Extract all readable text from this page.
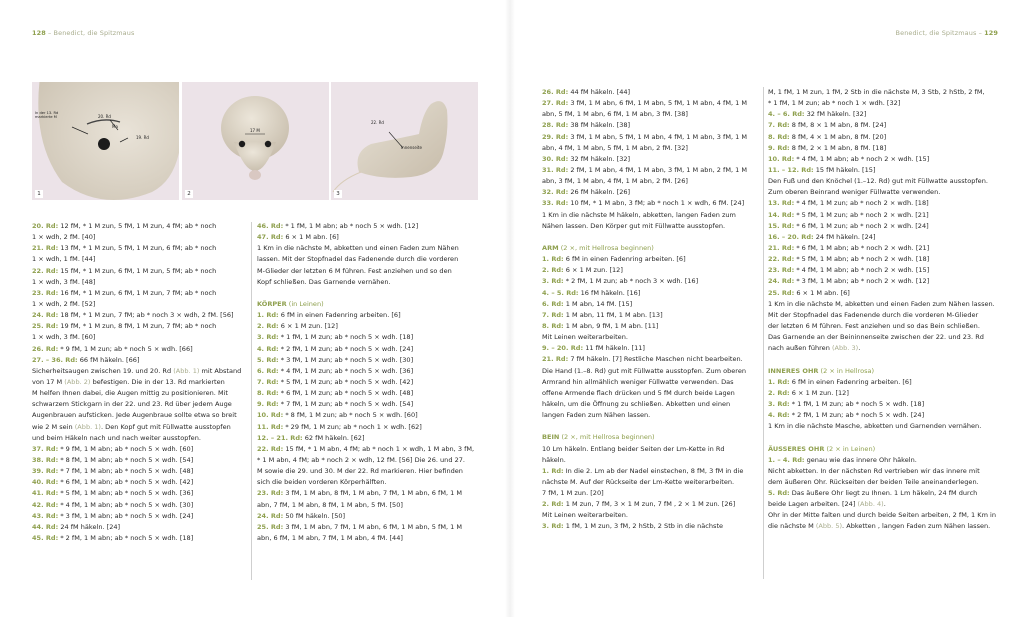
128 – Benedict, die Spitzmaus	Benedict, die Spitzmaus – 129
In der 13. Rd markierte M	20. Rd
Ma
19. Rd
1
17 M
2
22. Rd
Innenseite
3
20. Rd: 12 fM, * 1 M zun, 5 fM, 1 M zun, 4 fM; ab * noch
1 × wdh, 2 fM. [40]
21. Rd: 13 fM, * 1 M zun, 5 fM, 1 M zun, 6 fM; ab * noch
1 × wdh, 1 fM. [44]
22. Rd: 15 fM, * 1 M zun, 6 fM, 1 M zun, 5 fM; ab * noch
1 × wdh, 3 fM. [48]
23. Rd: 16 fM, * 1 M zun, 6 fM, 1 M zun, 7 fM; ab * noch
1 × wdh, 2 fM. [52]
24. Rd: 18 fM, * 1 M zun, 7 fM; ab * noch 3 × wdh, 2 fM. [56]
25. Rd: 19 fM, * 1 M zun, 8 fM, 1 M zun, 7 fM; ab * noch
1 × wdh, 3 fM. [60]
26. Rd: * 9 fM, 1 M zun; ab * noch 5 × wdh. [66]
27. – 36. Rd: 66 fM häkeln. [66]
Sicherheitsaugen zwischen 19. und 20. Rd (Abb. 1) mit Abstand
von 17 M (Abb. 2) befestigen. Die in der 13. Rd markierten
M helfen Ihnen dabei, die Augen mittig zu positionieren. Mit
schwarzem Stickgarn in der 22. und 23. Rd über jedem Auge
Augenbrauen aufsticken. Jede Augenbraue sollte etwa so breit
wie 2 M sein (Abb. 1). Den Kopf gut mit Füllwatte ausstopfen
und beim Häkeln nach und nach weiter ausstopfen.
37. Rd: * 9 fM, 1 M abn; ab * noch 5 × wdh. [60]
38. Rd: * 8 fM, 1 M abn; ab * noch 5 × wdh. [54]
39. Rd: * 7 fM, 1 M abn; ab * noch 5 × wdh. [48]
40. Rd: * 6 fM, 1 M abn; ab * noch 5 × wdh. [42]
41. Rd: * 5 fM, 1 M abn; ab * noch 5 × wdh. [36]
42. Rd: * 4 fM, 1 M abn; ab * noch 5 × wdh. [30]
43. Rd: * 3 fM, 1 M abn; ab * noch 5 × wdh. [24]
44. Rd: 24 fM häkeln. [24]
45. Rd: * 2 fM, 1 M abn; ab * noch 5 × wdh. [18]
46. Rd: * 1 fM, 1 M abn; ab * noch 5 × wdh. [12]
47. Rd: 6 × 1 M abn. [6]
1 Km in die nächste M, abketten und einen Faden zum Nähen
lassen. Mit der Stopfnadel das Fadenende durch die vorderen
M-Glieder der letzten 6 M führen. Fest anziehen und so den
Kopf schließen. Das Garnende vernähen.
KÖRPER (in Leinen)
1. Rd: 6 fM in einen Fadenring arbeiten. [6]
2. Rd: 6 × 1 M zun. [12]
3. Rd: * 1 fM, 1 M zun; ab * noch 5 × wdh. [18]
4. Rd: * 2 fM, 1 M zun; ab * noch 5 × wdh. [24]
5. Rd: * 3 fM, 1 M zun; ab * noch 5 × wdh. [30]
6. Rd: * 4 fM, 1 M zun; ab * noch 5 × wdh. [36]
7. Rd: * 5 fM, 1 M zun; ab * noch 5 × wdh. [42]
8. Rd: * 6 fM, 1 M zun; ab * noch 5 × wdh. [48]
9. Rd: * 7 fM, 1 M zun; ab * noch 5 × wdh. [54]
10. Rd: * 8 fM, 1 M zun; ab * noch 5 × wdh. [60]
11. Rd: * 29 fM, 1 M zun; ab * noch 1 × wdh. [62]
12. – 21. Rd: 62 fM häkeln. [62]
22. Rd: 15 fM, * 1 M abn, 4 fM; ab * noch 1 × wdh, 1 M abn, 3 fM,
* 1 M abn, 4 fM; ab * noch 2 × wdh, 12 fM. [56] Die 26. und 27.
M sowie die 29. und 30. M der 22. Rd markieren. Hier befinden
sich die beiden vorderen Körperhälften.
23. Rd: 3 fM, 1 M abn, 8 fM, 1 M abn, 7 fM, 1 M abn, 6 fM, 1 M
abn, 7 fM, 1 M abn, 8 fM, 1 M abn, 5 fM. [50]
24. Rd: 50 fM häkeln. [50]
25. Rd: 3 fM, 1 M abn, 7 fM, 1 M abn, 6 fM, 1 M abn, 5 fM, 1 M
abn, 6 fM, 1 M abn, 7 fM, 1 M abn, 4 fM. [44]
26. Rd: 44 fM häkeln. [44]
27. Rd: 3 fM, 1 M abn, 6 fM, 1 M abn, 5 fM, 1 M abn, 4 fM, 1 M
abn, 5 fM, 1 M abn, 6 fM, 1 M abn, 3 fM. [38]
28. Rd: 38 fM häkeln. [38]
29. Rd: 3 fM, 1 M abn, 5 fM, 1 M abn, 4 fM, 1 M abn, 3 fM, 1 M
abn, 4 fM, 1 M abn, 5 fM, 1 M abn, 2 fM. [32]
30. Rd: 32 fM häkeln. [32]
31. Rd: 2 fM, 1 M abn, 4 fM, 1 M abn, 3 fM, 1 M abn, 2 fM, 1 M
abn, 3 fM, 1 M abn, 4 fM, 1 M abn, 2 fM. [26]
32. Rd: 26 fM häkeln. [26]
33. Rd: 10 fM, * 1 M abn, 3 fM; ab * noch 1 × wdh, 6 fM. [24]
1 Km in die nächste M häkeln, abketten, langen Faden zum
Nähen lassen. Den Körper gut mit Füllwatte ausstopfen.
ARM (2 ×, mit Hellrosa beginnen)
1. Rd: 6 fM in einen Fadenring arbeiten. [6]
2. Rd: 6 × 1 M zun. [12]
3. Rd: * 2 fM, 1 M zun; ab * noch 3 × wdh. [16]
4. – 5. Rd: 16 fM häkeln. [16]
6. Rd: 1 M abn, 14 fM. [15]
7. Rd: 1 M abn, 11 fM, 1 M abn. [13]
8. Rd: 1 M abn, 9 fM, 1 M abn. [11]
Mit Leinen weiterarbeiten.
9. – 20. Rd: 11 fM häkeln. [11]
21. Rd: 7 fM häkeln. [7] Restliche Maschen nicht bearbeiten.
Die Hand (1.–8. Rd) gut mit Füllwatte ausstopfen. Zum oberen
Armrand hin allmählich weniger Füllwatte verwenden. Das
offene Armende flach drücken und 5 fM durch beide Lagen
häkeln, um die Öffnung zu schließen. Abketten und einen
langen Faden zum Nähen lassen.
BEIN (2 ×, mit Hellrosa beginnen)
10 Lm häkeln. Entlang beider Seiten der Lm-Kette in Rd
häkeln.
1. Rd: In die 2. Lm ab der Nadel einstechen, 8 fM, 3 fM in die
nächste M. Auf der Rückseite der Lm-Kette weiterarbeiten.
7 fM, 1 M zun. [20]
2. Rd: 1 M zun, 7 fM, 3 × 1 M zun, 7 fM , 2 × 1 M zun. [26]
Mit Leinen weiterarbeiten.
3. Rd: 1 fM, 1 M zun, 3 fM, 2 hStb, 2 Stb in die nächste
M, 1 fM, 1 M zun, 1 fM, 2 Stb in die nächste M, 3 Stb, 2 hStb, 2 fM,
* 1 fM, 1 M zun; ab * noch 1 × wdh. [32]
4. – 6. Rd: 32 fM häkeln. [32]
7. Rd: 8 fM, 8 × 1 M abn, 8 fM. [24]
8. Rd: 8 fM, 4 × 1 M abn, 8 fM. [20]
9. Rd: 8 fM, 2 × 1 M abn, 8 fM. [18]
10. Rd: * 4 fM, 1 M abn; ab * noch 2 × wdh. [15]
11. – 12. Rd: 15 fM häkeln. [15]
Den Fuß und den Knöchel (1.–12. Rd) gut mit Füllwatte ausstopfen.
Zum oberen Beinrand weniger Füllwatte verwenden.
13. Rd: * 4 fM, 1 M zun; ab * noch 2 × wdh. [18]
14. Rd: * 5 fM, 1 M zun; ab * noch 2 × wdh. [21]
15. Rd: * 6 fM, 1 M zun; ab * noch 2 × wdh. [24]
16. – 20. Rd: 24 fM häkeln. [24]
21. Rd: * 6 fM, 1 M abn; ab * noch 2 × wdh. [21]
22. Rd: * 5 fM, 1 M abn; ab * noch 2 × wdh. [18]
23. Rd: * 4 fM, 1 M abn; ab * noch 2 × wdh. [15]
24. Rd: * 3 fM, 1 M abn; ab * noch 2 × wdh. [12]
25. Rd: 6 × 1 M abn. [6]
1 Km in die nächste M, abketten und einen Faden zum Nähen lassen.
Mit der Stopfnadel das Fadenende durch die vorderen M-Glieder
der letzten 6 M führen. Fest anziehen und so das Bein schließen.
Das Garnende an der Beininnenseite zwischen der 22. und 23. Rd
nach außen führen (Abb. 3).
INNERES OHR (2 × in Hellrosa)
1. Rd: 6 fM in einen Fadenring arbeiten. [6]
2. Rd: 6 × 1 M zun. [12]
3. Rd: * 1 fM, 1 M zun; ab * noch 5 × wdh. [18]
4. Rd: * 2 fM, 1 M zun; ab * noch 5 × wdh. [24]
1 Km in die nächste Masche, abketten und Garnenden vernähen.
ÄUSSERES OHR (2 × in Leinen)
1. – 4. Rd: genau wie das innere Ohr häkeln.
Nicht abketten. In der nächsten Rd vertrieben wir das innere mit
dem äußeren Ohr. Rückseiten der beiden Teile aneinanderlegen.
5. Rd: Das äußere Ohr liegt zu Ihnen. 1 Lm häkeln, 24 fM durch
beide Lagen arbeiten. [24] (Abb. 4).
Ohr in der Mitte falten und durch beide Seiten arbeiten, 2 fM, 1 Km in
die nächste M (Abb. 5). Abketten , langen Faden zum Nähen lassen.
